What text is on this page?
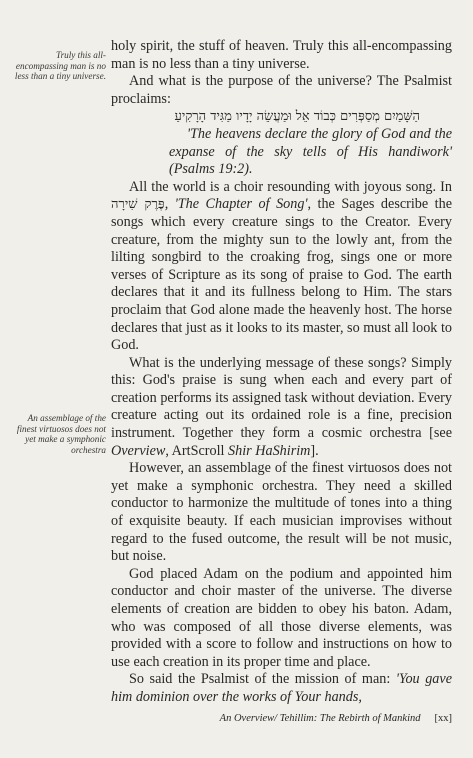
Truly this all-encompassing man is no less than a tiny universe.
An assemblage of the finest virtuosos does not yet make a symphonic orchestra

holy spirit, the stuff of heaven. Truly this all-encompassing man is no less than a tiny universe.

And what is the purpose of the universe? The Psalmist proclaims:

הַשָּׁמַיִם מְסַפְּרִים כְּבוֹד אֵל וּמַעֲשֵׂה יָדָיו מַגִּיד הָרָקִיעַ

'The heavens declare the glory of God and the expanse of the sky tells of His handiwork' (Psalms 19:2).

All the world is a choir resounding with joyous song. In פֶּרֶק שִׁירָה, 'The Chapter of Song', the Sages describe the songs which every creature sings to the Creator. Every creature, from the mighty sun to the lowly ant, from the lilting songbird to the croaking frog, sings one or more verses of Scripture as its song of praise to God. The earth declares that it and its fullness belong to Him. The stars proclaim that God alone made the heavenly host. The horse declares that just as it looks to its master, so must all look to God.

What is the underlying message of these songs? Simply this: God's praise is sung when each and every part of creation performs its assigned task without deviation. Every creature acting out its ordained role is a fine, precision instrument. Together they form a cosmic orchestra [see Overview, ArtScroll Shir HaShirim].

However, an assemblage of the finest virtuosos does not yet make a symphonic orchestra. They need a skilled conductor to harmonize the multitude of tones into a thing of exquisite beauty. If each musician improvises without regard to the fused outcome, the result will be not music, but noise.

God placed Adam on the podium and appointed him conductor and choir master of the universe. The diverse elements of creation are bidden to obey his baton. Adam, who was composed of all those diverse elements, was provided with a score to follow and instructions on how to use each creation in its proper time and place.

So said the Psalmist of the mission of man: 'You gave him dominion over the works of Your hands,

An Overview/ Tehillim: The Rebirth of Mankind [xx]
